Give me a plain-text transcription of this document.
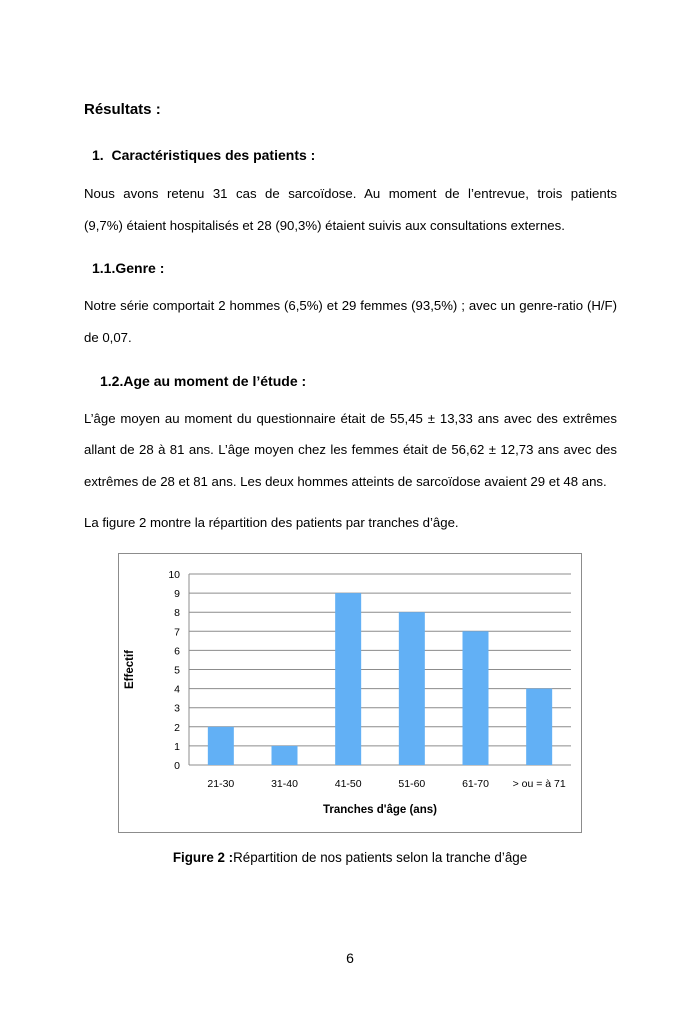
Résultats :
1. Caractéristiques des patients :
Nous avons retenu 31 cas de sarcoïdose. Au moment de l’entrevue, trois patients
(9,7%) étaient hospitalisés et 28 (90,3%) étaient suivis aux consultations externes.
1.1.Genre :
Notre série comportait 2 hommes (6,5%) et 29 femmes (93,5%) ; avec un genre-ratio (H/F)
de 0,07.
1.2.Age au moment de l’étude :
L’âge moyen au moment du questionnaire était de 55,45 ± 13,33 ans avec des extrêmes
allant de 28 à 81 ans. L’âge moyen chez les femmes était de 56,62 ± 12,73 ans avec des
extrêmes de 28 et 81 ans. Les deux hommes atteints de sarcoïdose avaient 29 et 48 ans.
La figure 2 montre la répartition des patients par tranches d’âge.
0
1
2
3
4
5
6
7
8
9
10
21-30	31-40	41-50	51-60	61-70 > ou = à 71
Tranches d'âge (ans)
Effectif
Figure 2 :Répartition de nos patients selon la tranche d’âge
6
